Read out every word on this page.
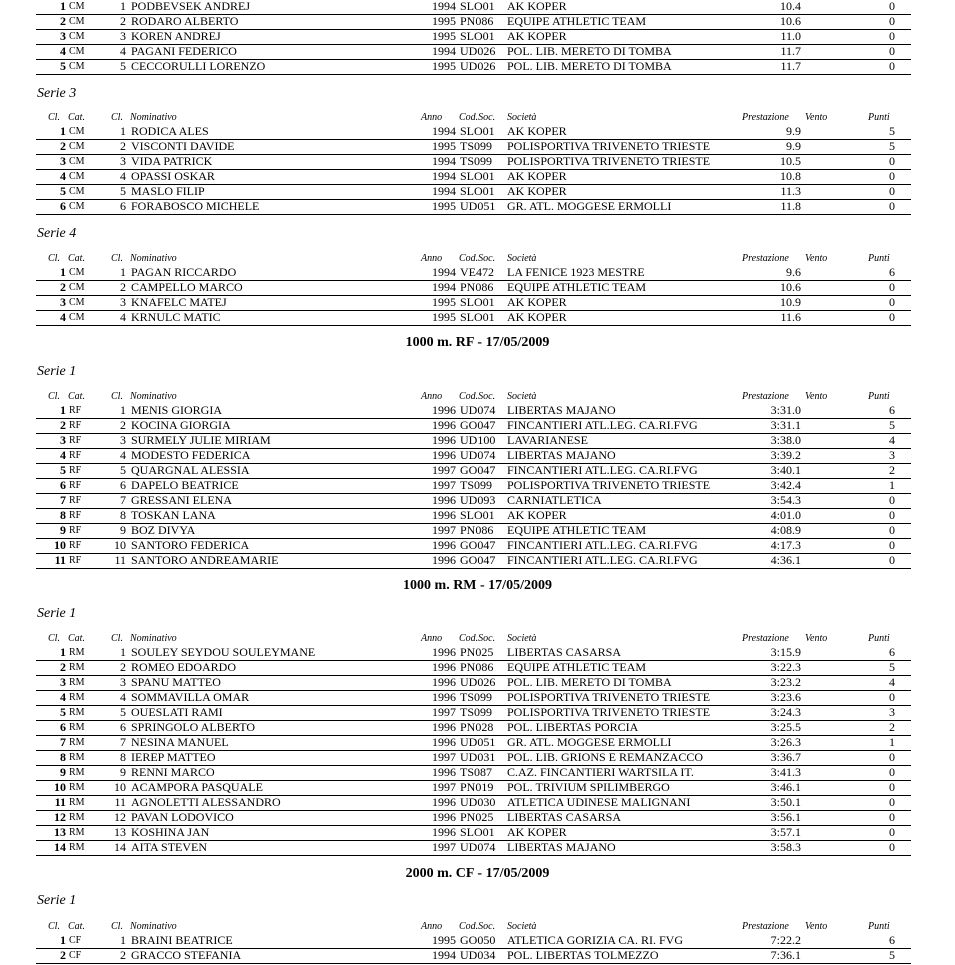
1 CM	1 PODBEVSEK ANDREJ	1994 SLO01 AK KOPER	10.4	0
2 CM	2 RODARO ALBERTO	1995 PN086 EQUIPE ATHLETIC TEAM	10.6	0
3 CM	3 KOREN ANDREJ	1995 SLO01 AK KOPER	11.0	0
4 CM	4 PAGANI FEDERICO	1994 UD026 POL. LIB. MERETO DI TOMBA	11.7	0
5 CM	5 CECCORULLI LORENZO	1995 UD026 POL. LIB. MERETO DI TOMBA	11.7	0
Serie 3
Cl. Cat.	Cl. Nominativo	Anno Cod.Soc. Società	Prestazione Vento	Punti
1 CM	1 RODICA ALES	1994 SLO01 AK KOPER	9.9	5
2 CM	2 VISCONTI DAVIDE	1995 TS099 POLISPORTIVA TRIVENETO TRIESTE	9.9	5
3 CM	3 VIDA PATRICK	1994 TS099 POLISPORTIVA TRIVENETO TRIESTE	10.5	0
4 CM	4 OPASSI OSKAR	1994 SLO01 AK KOPER	10.8	0
5 CM	5 MASLO FILIP	1994 SLO01 AK KOPER	11.3	0
6 CM	6 FORABOSCO MICHELE	1995 UD051 GR. ATL. MOGGESE ERMOLLI	11.8	0
Serie 4
Cl. Cat.	Cl. Nominativo	Anno Cod.Soc. Società	Prestazione Vento	Punti
1 CM	1 PAGAN RICCARDO	1994 VE472 LA FENICE 1923 MESTRE	9.6	6
2 CM	2 CAMPELLO MARCO	1994 PN086 EQUIPE ATHLETIC TEAM	10.6	0
3 CM	3 KNAFELC MATEJ	1995 SLO01 AK KOPER	10.9	0
4 CM	4 KRNULC MATIC	1995 SLO01 AK KOPER	11.6	0
1000 m. RF - 17/05/2009
Serie 1
Cl. Cat.	Cl. Nominativo	Anno Cod.Soc. Società	Prestazione Vento	Punti
1 RF	1 MENIS GIORGIA	1996 UD074 LIBERTAS MAJANO	3:31.0	6
2 RF	2 KOCINA GIORGIA	1996 GO047 FINCANTIERI ATL.LEG. CA.RI.FVG	3:31.1	5
3 RF	3 SURMELY JULIE MIRIAM	1996 UD100 LAVARIANESE	3:38.0	4
4 RF	4 MODESTO FEDERICA	1996 UD074 LIBERTAS MAJANO	3:39.2	3
5 RF	5 QUARGNAL ALESSIA	1997 GO047 FINCANTIERI ATL.LEG. CA.RI.FVG	3:40.1	2
6 RF	6 DAPELO BEATRICE	1997 TS099 POLISPORTIVA TRIVENETO TRIESTE	3:42.4	1
7 RF	7 GRESSANI ELENA	1996 UD093 CARNIATLETICA	3:54.3	0
8 RF	8 TOSKAN LANA	1996 SLO01 AK KOPER	4:01.0	0
9 RF	9 BOZ DIVYA	1997 PN086 EQUIPE ATHLETIC TEAM	4:08.9	0
10 RF	10 SANTORO FEDERICA	1996 GO047 FINCANTIERI ATL.LEG. CA.RI.FVG	4:17.3	0
11 RF	11 SANTORO ANDREAMARIE	1996 GO047 FINCANTIERI ATL.LEG. CA.RI.FVG	4:36.1	0
1000 m. RM - 17/05/2009
Serie 1
Cl. Cat.	Cl. Nominativo	Anno Cod.Soc. Società	Prestazione Vento	Punti
1 RM	1 SOULEY SEYDOU SOULEYMANE	1996 PN025 LIBERTAS CASARSA	3:15.9	6
2 RM	2 ROMEO EDOARDO	1996 PN086 EQUIPE ATHLETIC TEAM	3:22.3	5
3 RM	3 SPANU MATTEO	1996 UD026 POL. LIB. MERETO DI TOMBA	3:23.2	4
4 RM	4 SOMMAVILLA OMAR	1996 TS099 POLISPORTIVA TRIVENETO TRIESTE	3:23.6	0
5 RM	5 OUESLATI RAMI	1997 TS099 POLISPORTIVA TRIVENETO TRIESTE	3:24.3	3
6 RM	6 SPRINGOLO ALBERTO	1996 PN028 POL. LIBERTAS PORCIA	3:25.5	2
7 RM	7 NESINA MANUEL	1996 UD051 GR. ATL. MOGGESE ERMOLLI	3:26.3	1
8 RM	8 IEREP MATTEO	1997 UD031 POL. LIB. GRIONS E REMANZACCO	3:36.7	0
9 RM	9 RENNI MARCO	1996 TS087 C.AZ. FINCANTIERI WARTSILA IT.	3:41.3	0
10 RM	10 ACAMPORA PASQUALE	1997 PN019 POL. TRIVIUM SPILIMBERGO	3:46.1	0
11 RM	11 AGNOLETTI ALESSANDRO	1996 UD030 ATLETICA UDINESE MALIGNANI	3:50.1	0
12 RM	12 PAVAN LODOVICO	1996 PN025 LIBERTAS CASARSA	3:56.1	0
13 RM	13 KOSHINA JAN	1996 SLO01 AK KOPER	3:57.1	0
14 RM	14 AITA STEVEN	1997 UD074 LIBERTAS MAJANO	3:58.3	0
2000 m. CF - 17/05/2009
Serie 1
Cl. Cat.	Cl. Nominativo	Anno Cod.Soc. Società	Prestazione Vento	Punti
1 CF	1 BRAINI BEATRICE	1995 GO050 ATLETICA GORIZIA CA. RI. FVG	7:22.2	6
2 CF	2 GRACCO STEFANIA	1994 UD034 POL. LIBERTAS TOLMEZZO	7:36.1	5
